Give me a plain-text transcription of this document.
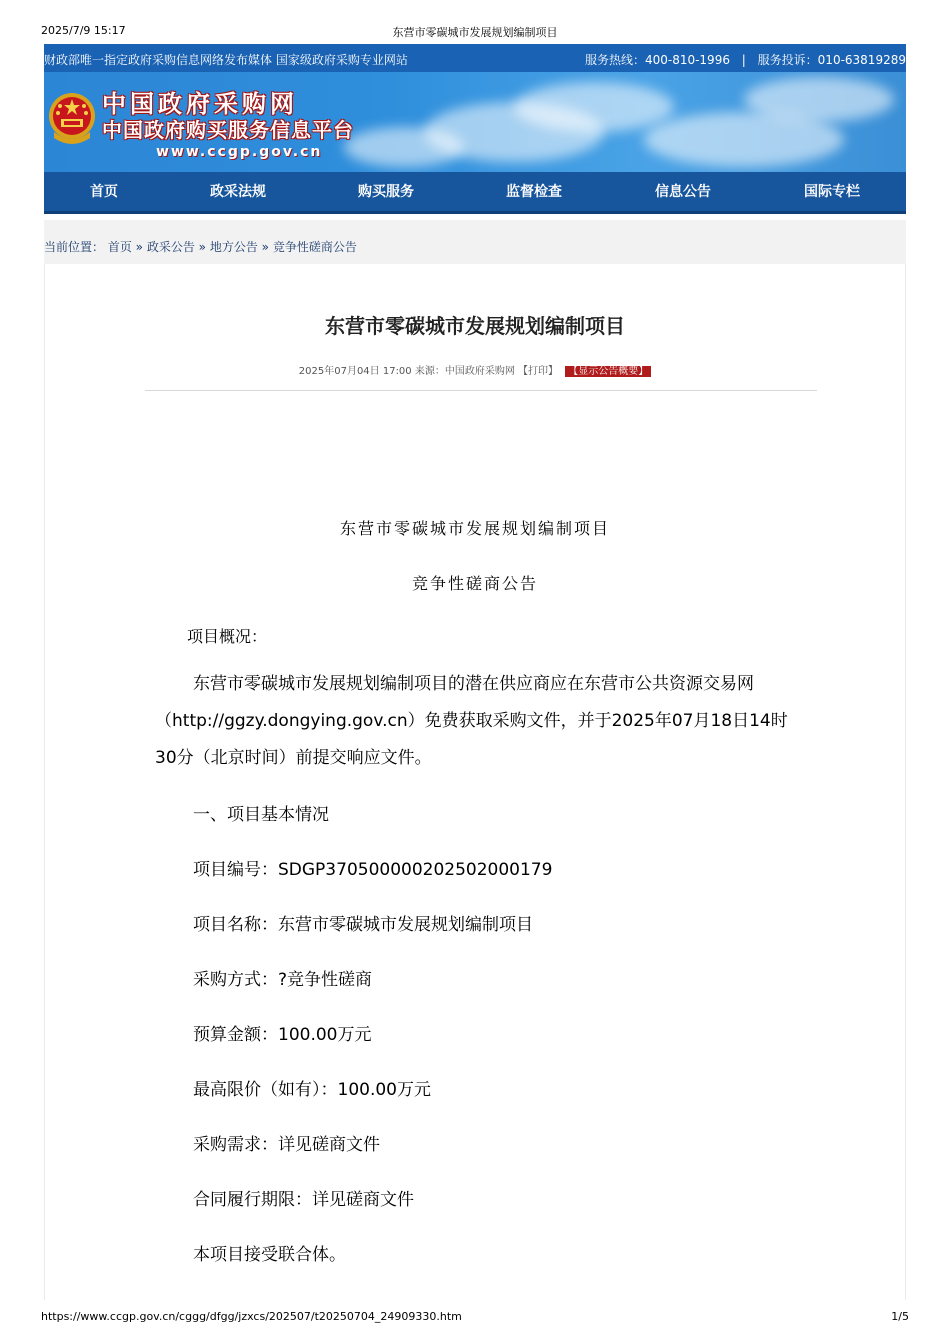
2025/7/9 15:17	东营市零碳城市发展规划编制项目
财政部唯一指定政府采购信息网络发布媒体 国家级政府采购专业网站	服务热线：400-810-1996 | 服务投诉：010-63819289
中国政府采购网
中国政府购买服务信息平台
www.ccgp.gov.cn
首页	政采法规	购买服务	监督检查	信息公告	国际专栏
当前位置： 首页 » 政采公告 » 地方公告 » 竞争性磋商公告
东营市零碳城市发展规划编制项目
2025年07月04日 17:00 来源：中国政府采购网 【打印】 【显示公告概要】
东营市零碳城市发展规划编制项目
竞争性磋商公告
项目概况：
东营市零碳城市发展规划编制项目的潜在供应商应在东营市公共资源交易网（http://ggzy.dongying.gov.cn）免费获取采购文件，并于2025年07月18日14时30分（北京时间）前提交响应文件。
一、项目基本情况
项目编号：SDGP370500000202502000179
项目名称：东营市零碳城市发展规划编制项目
采购方式：?竞争性磋商
预算金额：100.00万元
最高限价（如有）：100.00万元
采购需求：详见磋商文件
合同履行期限：详见磋商文件
本项目接受联合体。
https://www.ccgp.gov.cn/cggg/dfgg/jzxcs/202507/t20250704_24909330.htm	1/5
